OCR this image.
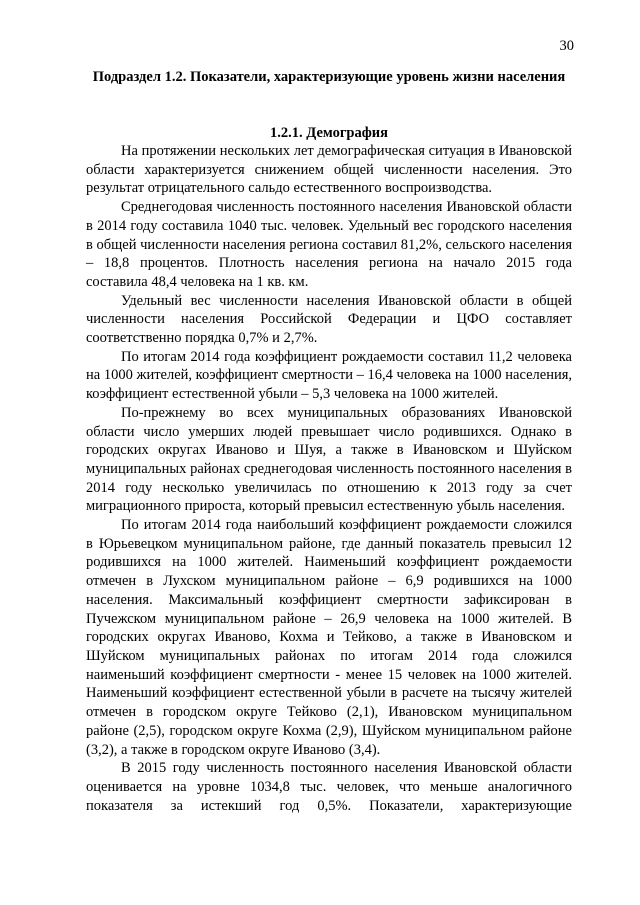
30
Подраздел 1.2. Показатели, характеризующие уровень жизни населения
1.2.1. Демография

На протяжении нескольких лет демографическая ситуация в Ивановской области характеризуется снижением общей численности населения. Это результат отрицательного сальдо естественного воспроизводства.

Среднегодовая численность постоянного населения Ивановской области в 2014 году составила 1040 тыс. человек. Удельный вес городского населения в общей численности населения региона составил 81,2%, сельского населения – 18,8 процентов. Плотность населения региона на начало 2015 года составила 48,4 человека на 1 кв. км.

Удельный вес численности населения Ивановской области в общей численности населения Российской Федерации и ЦФО составляет соответственно порядка 0,7% и 2,7%.

По итогам 2014 года коэффициент рождаемости составил 11,2 человека на 1000 жителей, коэффициент смертности – 16,4 человека на 1000 населения, коэффициент естественной убыли – 5,3 человека на 1000 жителей.

По-прежнему во всех муниципальных образованиях Ивановской области число умерших людей превышает число родившихся. Однако в городских округах Иваново и Шуя, а также в Ивановском и Шуйском муниципальных районах среднегодовая численность постоянного населения в 2014 году несколько увеличилась по отношению к 2013 году за счет миграционного прироста, который превысил естественную убыль населения.

По итогам 2014 года наибольший коэффициент рождаемости сложился в Юрьевецком муниципальном районе, где данный показатель превысил 12 родившихся на 1000 жителей. Наименьший коэффициент рождаемости отмечен в Лухском муниципальном районе – 6,9 родившихся на 1000 населения. Максимальный коэффициент смертности зафиксирован в Пучежском муниципальном районе – 26,9 человека на 1000 жителей. В городских округах Иваново, Кохма и Тейково, а также в Ивановском и Шуйском муниципальных районах по итогам 2014 года сложился наименьший коэффициент смертности - менее 15 человек на 1000 жителей. Наименьший коэффициент естественной убыли в расчете на тысячу жителей отмечен в городском округе Тейково (2,1), Ивановском муниципальном районе (2,5), городском округе Кохма (2,9), Шуйском муниципальном районе (3,2), а также в городском округе Иваново (3,4).

В 2015 году численность постоянного населения Ивановской области оценивается на уровне 1034,8 тыс. человек, что меньше аналогичного показателя за истекший год 0,5%. Показатели, характеризующие
